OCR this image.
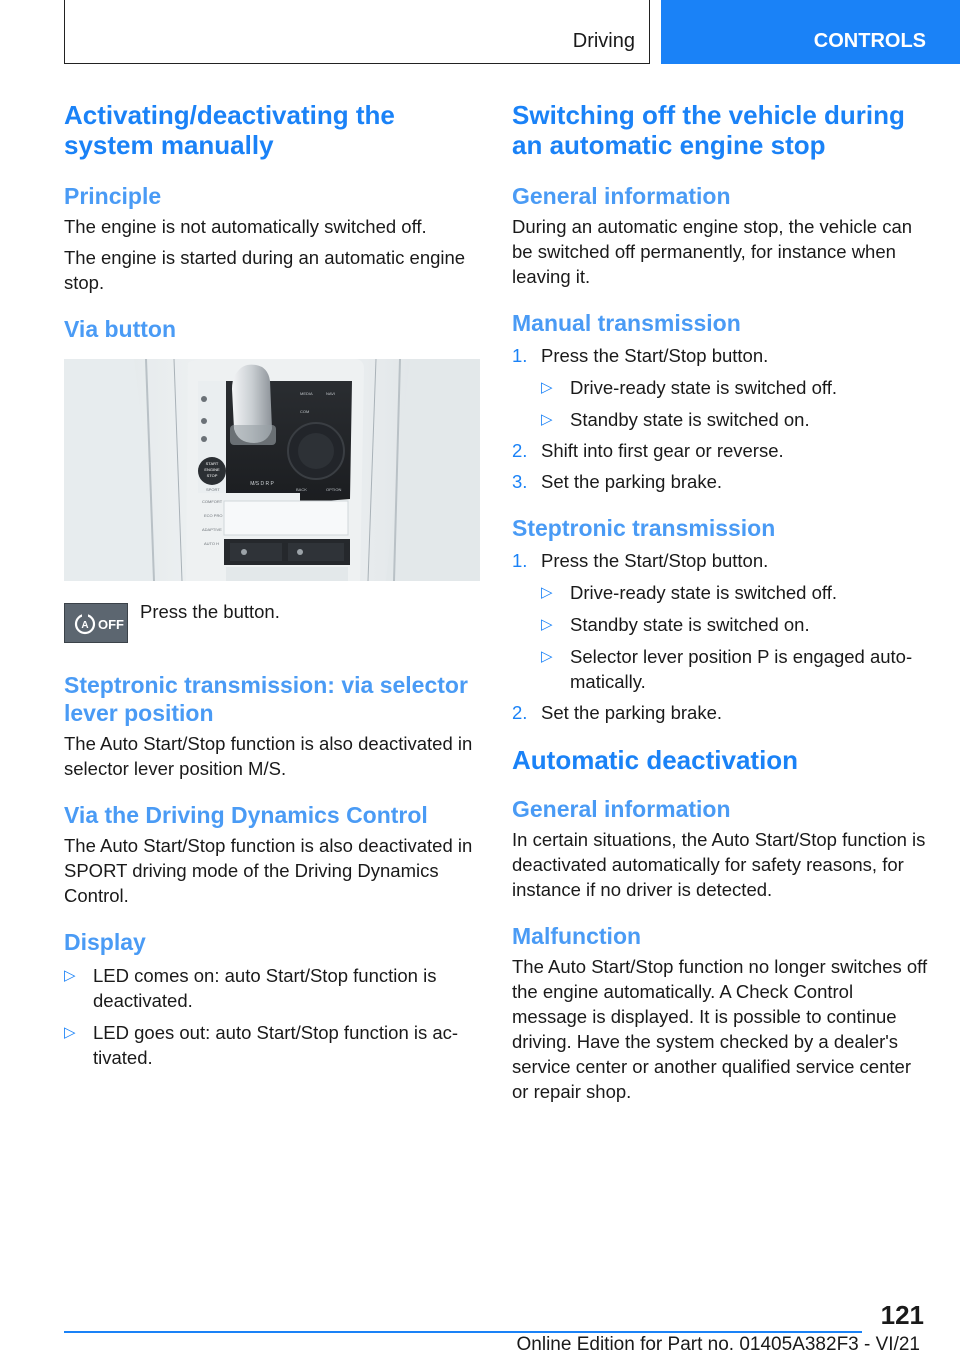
Driving	CONTROLS
Activating/deactivating the system manually
Principle

The engine is not automatically switched off.

The engine is started during an automatic engine stop.

Via button
START
ENGINE
STOP
M/S D R P
MEDIA	NAVI
COM
OPTION
BACK
SPORT
COMFORT
ECO PRO
ADAPTIVE
AUTO H
A OFF

Press the button.

Steptronic transmission: via selector lever position

The Auto Start/Stop function is also deactivated in selector lever position M/S.

Via the Driving Dynamics Control

The Auto Start/Stop function is also deactivated in SPORT driving mode of the Driving Dynamics Control.

Display
▷ LED comes on: auto Start/Stop function is deactivated.
▷ LED goes out: auto Start/Stop function is ac‐ tivated.
Switching off the vehicle during an automatic engine stop
General information

During an automatic engine stop, the vehicle can be switched off permanently, for instance when leaving it.

Manual transmission
1. Press the Start/Stop button.
▷ Drive-ready state is switched off.
▷ Standby state is switched on.
2. Shift into first gear or reverse.
3. Set the parking brake.
Steptronic transmission
1. Press the Start/Stop button.
▷ Drive-ready state is switched off.
▷ Standby state is switched on.
▷ Selector lever position P is engaged auto‐ matically.
2. Set the parking brake.
Automatic deactivation
General information

In certain situations, the Auto Start/Stop function is deactivated automatically for safety reasons, for instance if no driver is detected.

Malfunction

The Auto Start/Stop function no longer switches off the engine automatically. A Check Control message is displayed. It is possible to continue driving. Have the system checked by a dealer's service center or another qualified service center or repair shop.

121
Online Edition for Part no. 01405A382F3 - VI/21
